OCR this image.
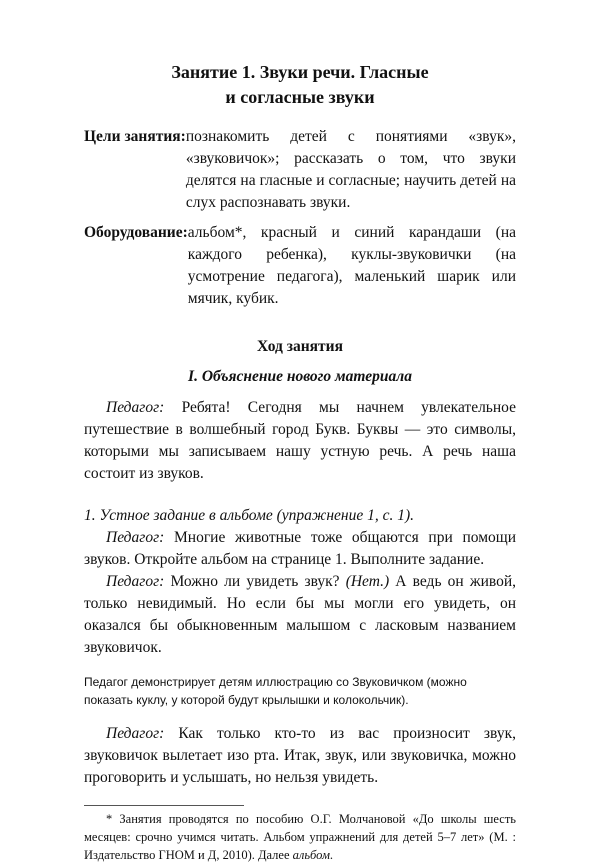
Занятие 1. Звуки речи. Гласные
и согласные звуки
Цели занятия: познакомить детей с понятиями «звук», «звуковичок»; рассказать о том, что звуки делятся на гласные и согласные; научить детей на слух распознавать звуки.
Оборудование: альбом*, красный и синий карандаши (на каждого ребенка), куклы-звуковички (на усмотрение педагога), маленький шарик или мячик, кубик.
Ход занятия
I. Объяснение нового материала

Педагог: Ребята! Сегодня мы начнем увлекательное путешествие в волшебный город Букв. Буквы — это символы, которыми мы записываем нашу устную речь. А речь наша состоит из звуков.

1. Устное задание в альбоме (упражнение 1, с. 1).

Педагог: Многие животные тоже общаются при помощи звуков. Откройте альбом на странице 1. Выполните задание.

Педагог: Можно ли увидеть звук? (Нет.) А ведь он живой, только невидимый. Но если бы мы могли его увидеть, он оказался бы обыкновенным малышом с ласковым названием звуковичок.

Педагог демонстрирует детям иллюстрацию со Звуковичком (можно показать куклу, у которой будут крылышки и колокольчик).

Педагог: Как только кто-то из вас произносит звук, звуковичок вылетает изо рта. Итак, звук, или звуковичка, можно проговорить и услышать, но нельзя увидеть.

* Занятия проводятся по пособию О.Г. Молчановой «До школы шесть месяцев: срочно учимся читать. Альбом упражнений для детей 5–7 лет» (М. : Издательство ГНОМ и Д, 2010). Далее альбом.
